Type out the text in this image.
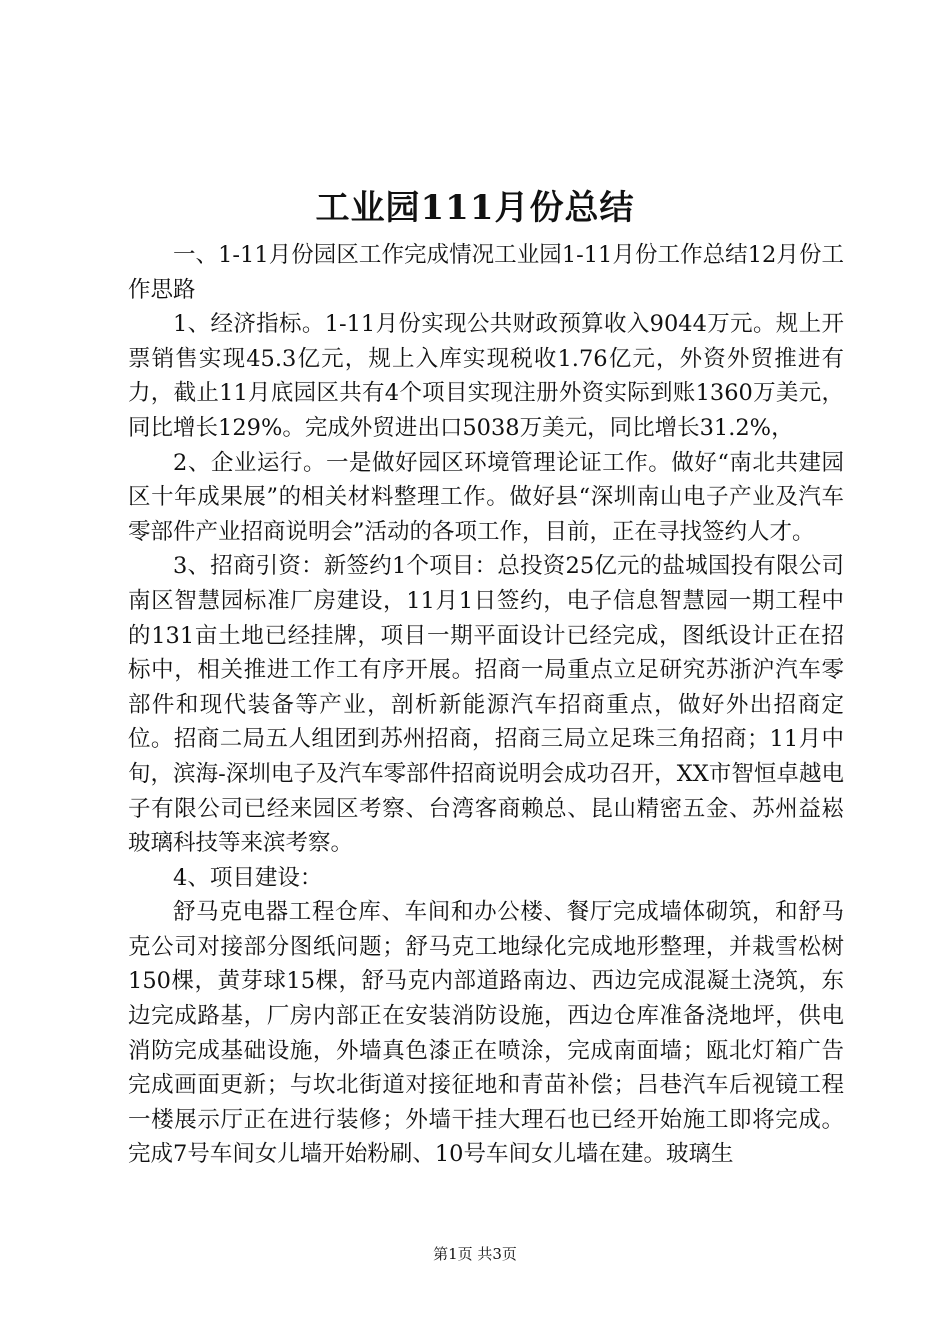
工业园111月份总结

一、1-11月份园区工作完成情况工业园1-11月份工作总结12月份工作思路

1、经济指标。1-11月份实现公共财政预算收入9044万元。规上开票销售实现45.3亿元，规上入库实现税收1.76亿元，外资外贸推进有力，截止11月底园区共有4个项目实现注册外资实际到账1360万美元，同比增长129%。完成外贸进出口5038万美元，同比增长31.2%，

2、企业运行。一是做好园区环境管理论证工作。做好“南北共建园区十年成果展”的相关材料整理工作。做好县“深圳南山电子产业及汽车零部件产业招商说明会”活动的各项工作，目前，正在寻找签约人才。

3、招商引资：新签约1个项目：总投资25亿元的盐城国投有限公司南区智慧园标准厂房建设，11月1日签约，电子信息智慧园一期工程中的131亩土地已经挂牌，项目一期平面设计已经完成，图纸设计正在招标中，相关推进工作工有序开展。招商一局重点立足研究苏浙沪汽车零部件和现代装备等产业，剖析新能源汽车招商重点，做好外出招商定位。招商二局五人组团到苏州招商，招商三局立足珠三角招商；11月中旬，滨海-深圳电子及汽车零部件招商说明会成功召开，XX市智恒卓越电子有限公司已经来园区考察、台湾客商赖总、昆山精密五金、苏州益崧玻璃科技等来滨考察。

4、项目建设：

舒马克电器工程仓库、车间和办公楼、餐厅完成墙体砌筑，和舒马克公司对接部分图纸问题；舒马克工地绿化完成地形整理，并栽雪松树150棵，黄芽球15棵，舒马克内部道路南边、西边完成混凝土浇筑，东边完成路基，厂房内部正在安装消防设施，西边仓库准备浇地坪，供电消防完成基础设施，外墙真色漆正在喷涂，完成南面墙；瓯北灯箱广告完成画面更新；与坎北街道对接征地和青苗补偿；吕巷汽车后视镜工程一楼展示厅正在进行装修；外墙干挂大理石也已经开始施工即将完成。完成7号车间女儿墙开始粉刷、10号车间女儿墙在建。玻璃生

第1页 共3页
